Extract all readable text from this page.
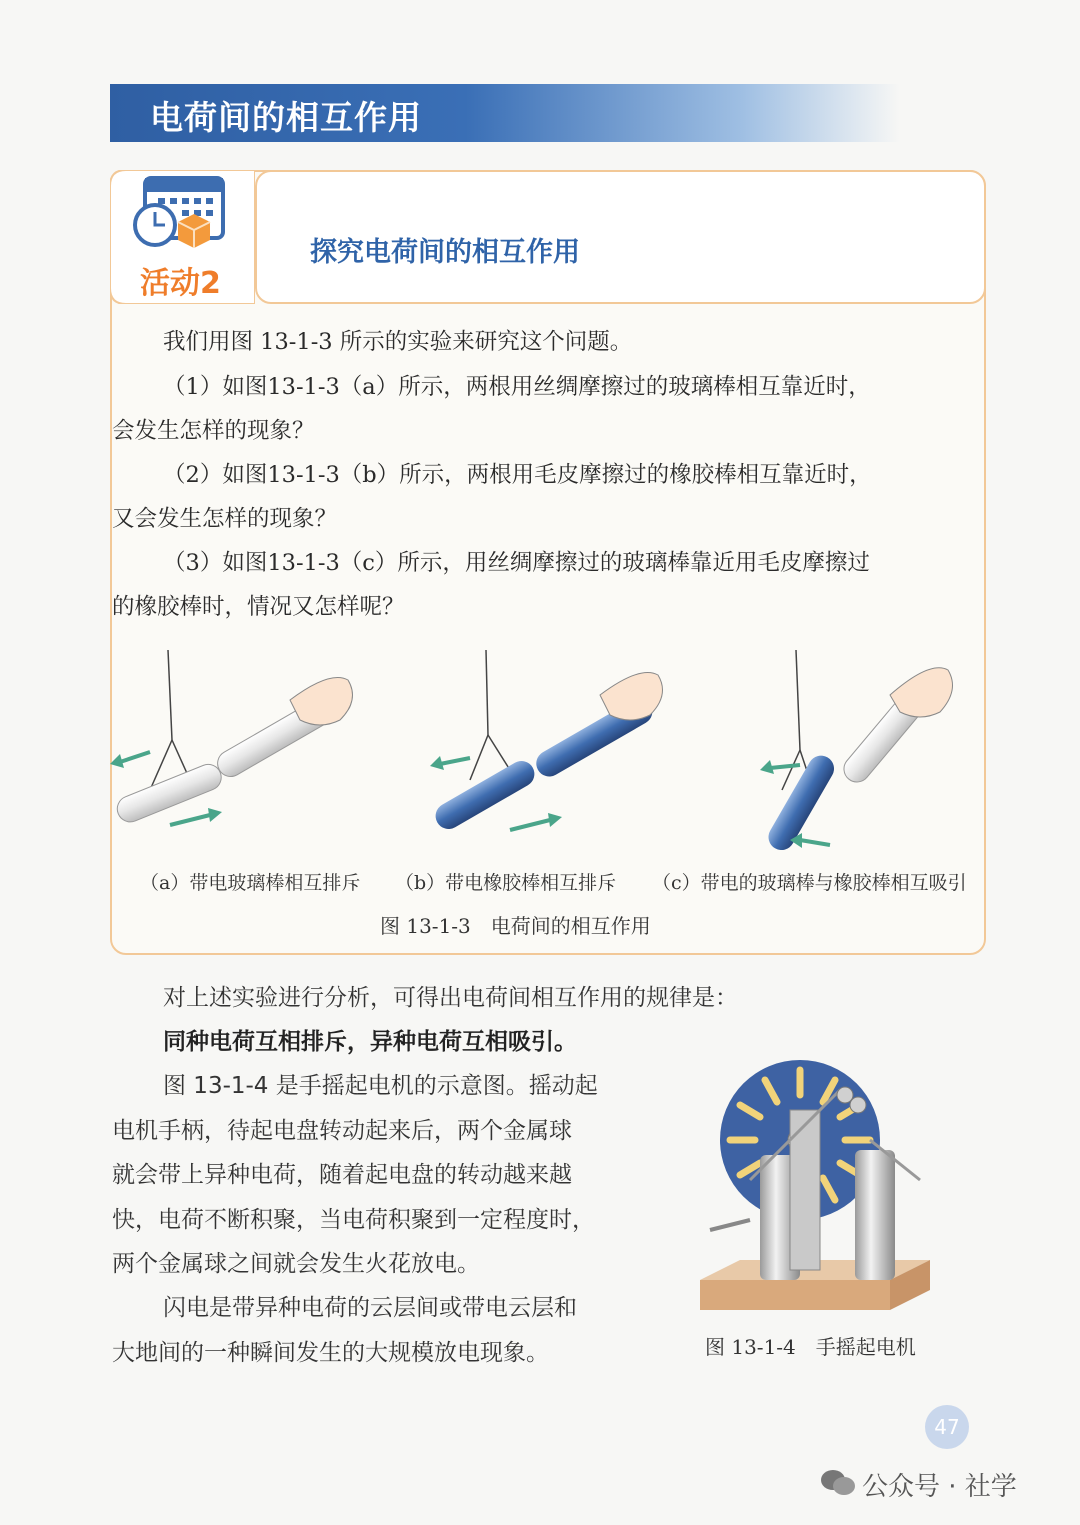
电荷间的相互作用
活动2
探究电荷间的相互作用
我们用图 13-1-3 所示的实验来研究这个问题。
（1）如图13-1-3（a）所示，两根用丝绸摩擦过的玻璃棒相互靠近时，
会发生怎样的现象？
（2）如图13-1-3（b）所示，两根用毛皮摩擦过的橡胶棒相互靠近时，
又会发生怎样的现象？
（3）如图13-1-3（c）所示，用丝绸摩擦过的玻璃棒靠近用毛皮摩擦过
的橡胶棒时，情况又怎样呢？
（a）带电玻璃棒相互排斥 （b）带电橡胶棒相互排斥 （c）带电的玻璃棒与橡胶棒相互吸引
图 13-1-3　电荷间的相互作用
对上述实验进行分析，可得出电荷间相互作用的规律是：
同种电荷互相排斥，异种电荷互相吸引。
图 13-1-4 是手摇起电机的示意图。摇动起
电机手柄，待起电盘转动起来后，两个金属球
就会带上异种电荷，随着起电盘的转动越来越
快，电荷不断积聚，当电荷积聚到一定程度时，
两个金属球之间就会发生火花放电。
闪电是带异种电荷的云层间或带电云层和
大地间的一种瞬间发生的大规模放电现象。	图 13-1-4　手摇起电机
47
公众号 · 社学
